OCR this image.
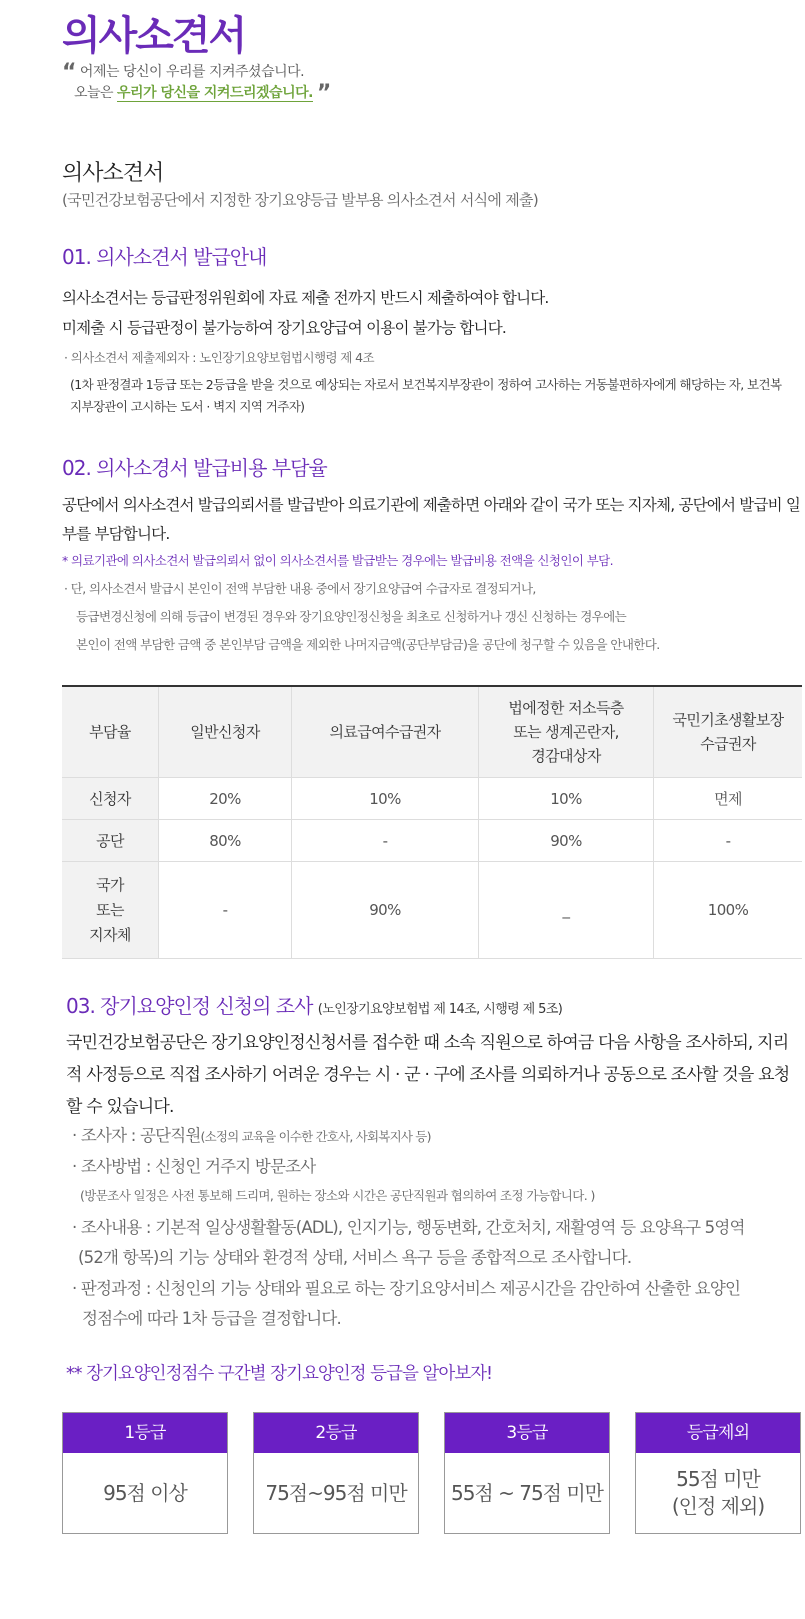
의사소견서
“ 어제는 당신이 우리를 지켜주셨습니다.
오늘은 우리가 당신을 지켜드리겠습니다. ”
의사소견서
(국민건강보험공단에서 지정한 장기요양등급 발부용 의사소견서 서식에 제출)
01. 의사소견서 발급안내
의사소견서는 등급판정위원회에 자료 제출 전까지 반드시 제출하여야 합니다.
미제출 시 등급판정이 불가능하여 장기요양급여 이용이 불가능 합니다.
· 의사소견서 제출제외자 : 노인장기요양보험법시행령 제 4조
(1차 판정결과 1등급 또는 2등급을 받을 것으로 예상되는 자로서 보건복지부장관이 정하여 고사하는 거동불편하자에게 해당하는 자, 보건복지부장관이 고시하는 도서 · 벽지 지역 거주자)
02. 의사소경서 발급비용 부담율
공단에서 의사소견서 발급의뢰서를 발급받아 의료기관에 제출하면 아래와 같이 국가 또는 지자체, 공단에서 발급비 일부를 부담합니다.
* 의료기관에 의사소견서 발급의뢰서 없이 의사소견서를 발급받는 경우에는 발급비용 전액을 신청인이 부담.
· 단, 의사소견서 발급시 본인이 전액 부담한 내용 중에서 장기요양급여 수급자로 결정되거나,
등급변경신청에 의해 등급이 변경된 경우와 장기요양인정신청을 최초로 신청하거나 갱신 신청하는 경우에는
본인이 전액 부담한 금액 중 본인부담 금액을 제외한 나머지금액(공단부담금)을 공단에 청구할 수 있음을 안내한다.
부담율	일반신청자	의료급여수급권자	법에정한 저소득층
또는 생계곤란자,
경감대상자	국민기초생활보장
수급권자
신청자	20%	10%	10%	면제
공단	80%	-	90%	-
국가
또는
지자체	-	90%	_	100%
03. 장기요양인정 신청의 조사 (노인장기요양보험법 제 14조, 시행령 제 5조)
국민건강보험공단은 장기요양인정신청서를 접수한 때 소속 직원으로 하여금 다음 사항을 조사하되, 지리적 사정등으로 직접 조사하기 어려운 경우는 시 · 군 · 구에 조사를 의뢰하거나 공동으로 조사할 것을 요청할 수 있습니다.
· 조사자 : 공단직원(소정의 교육을 이수한 간호사, 사회복지사 등)
· 조사방법 : 신청인 거주지 방문조사
(방문조사 일정은 사전 통보해 드리며, 원하는 장소와 시간은 공단직원과 협의하여 조정 가능합니다. )
· 조사내용 : 기본적 일상생활활동(ADL), 인지기능, 행동변화, 간호처치, 재활영역 등 요양욕구 5영역
(52개 항목)의 기능 상태와 환경적 상태, 서비스 욕구 등을 종합적으로 조사합니다.
· 판정과정 : 신청인의 기능 상태와 필요로 하는 장기요양서비스 제공시간을 감안하여 산출한 요양인
정점수에 따라 1차 등급을 결정합니다.
** 장기요양인정점수 구간별 장기요양인정 등급을 알아보자!
1등급
95점 이상
2등급
75점~95점 미만
3등급
55점 ~ 75점 미만
등급제외
55점 미만
(인정 제외)
